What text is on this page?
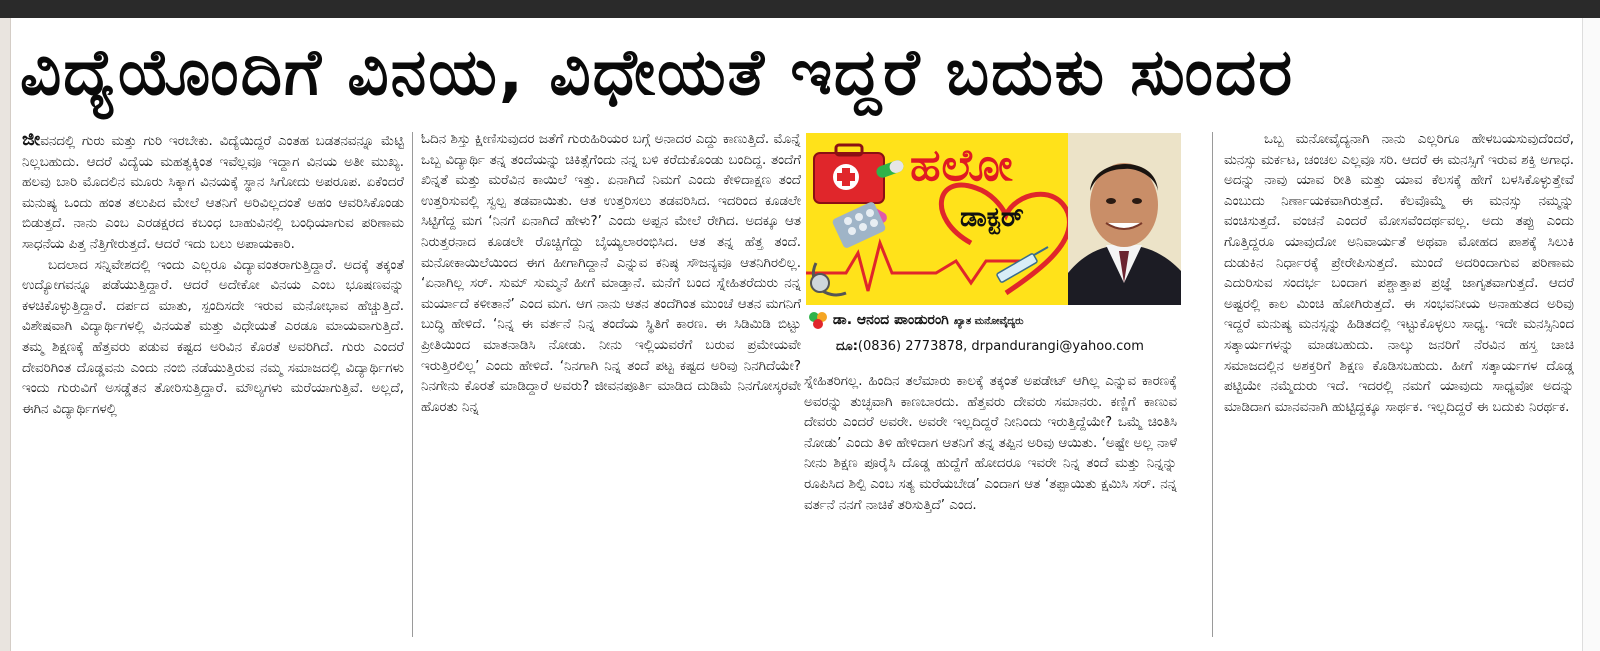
ವಿದ್ಯೆಯೊಂದಿಗೆ ವಿನಯ, ವಿಧೇಯತೆ ಇದ್ದರೆ ಬದುಕು ಸುಂದರ

ಜೀವನದಲ್ಲಿ ಗುರು ಮತ್ತು ಗುರಿ ಇರಬೇಕು. ವಿದ್ಯೆಯಿದ್ದರೆ ಎಂತಹ ಬಡತನವನ್ನೂ ಮೆಟ್ಟಿ ನಿಲ್ಲಬಹುದು. ಆದರೆ ವಿದ್ಯೆಯ ಮಹತ್ವಕ್ಕಿಂತ ಇವೆಲ್ಲವೂ ಇದ್ದಾಗ ವಿನಯ ಅತೀ ಮುಖ್ಯ. ಹಲವು ಬಾರಿ ಮೊದಲಿನ ಮೂರು ಸಿಕ್ಕಾಗ ವಿನಯಕ್ಕೆ ಸ್ಥಾನ ಸಿಗೋದು ಅಪರೂಪ. ಏಕೆಂದರೆ ಮನುಷ್ಯ ಒಂದು ಹಂತ ತಲುಪಿದ ಮೇಲೆ ಆತನಿಗೆ ಅರಿವಿಲ್ಲದಂತೆ ಅಹಂ ಆವರಿಸಿಕೊಂಡು ಬಿಡುತ್ತದೆ. ನಾನು ಎಂಬ ಎರಡಕ್ಷರದ ಕಬಂಧ ಬಾಹುವಿನಲ್ಲಿ ಬಂಧಿಯಾಗುವ ಪರಿಣಾಮ ಸಾಧನೆಯ ಪಿತ್ತ ನೆತ್ತಿಗೇರುತ್ತದೆ. ಆದರೆ ಇದು ಬಲು ಅಪಾಯಕಾರಿ.

ಬದಲಾದ ಸನ್ನಿವೇಶದಲ್ಲಿ ಇಂದು ಎಲ್ಲರೂ ವಿದ್ಯಾವಂತರಾಗುತ್ತಿದ್ದಾರೆ. ಅದಕ್ಕೆ ತಕ್ಕಂತೆ ಉದ್ಯೋಗವನ್ನೂ ಪಡೆಯುತ್ತಿದ್ದಾರೆ. ಆದರೆ ಅದೇಕೋ ವಿನಯ ಎಂಬ ಭೂಷಣವನ್ನು ಕಳಚಿಕೊಳ್ಳುತ್ತಿದ್ದಾರೆ. ದರ್ಪದ ಮಾತು, ಸ್ಪಂದಿಸದೇ ಇರುವ ಮನೋಭಾವ ಹೆಚ್ಚುತ್ತಿದೆ. ವಿಶೇಷವಾಗಿ ವಿದ್ಯಾರ್ಥಿಗಳಲ್ಲಿ ವಿನಯತೆ ಮತ್ತು ವಿಧೇಯತೆ ಎರಡೂ ಮಾಯವಾಗುತ್ತಿದೆ. ತಮ್ಮ ಶಿಕ್ಷಣಕ್ಕೆ ಹೆತ್ತವರು ಪಡುವ ಕಷ್ಟದ ಅರಿವಿನ ಕೊರತೆ ಅವರಿಗಿದೆ. ಗುರು ಎಂದರೆ ದೇವರಿಗಿಂತ ದೊಡ್ಡವನು ಎಂದು ನಂಬಿ ನಡೆಯುತ್ತಿರುವ ನಮ್ಮ ಸಮಾಜದಲ್ಲಿ ವಿದ್ಯಾರ್ಥಿಗಳು ಇಂದು ಗುರುವಿಗೆ ಅಸಡ್ಡೆತನ ತೋರಿಸುತ್ತಿದ್ದಾರೆ. ಮೌಲ್ಯಗಳು ಮರೆಯಾಗುತ್ತಿವೆ. ಅಲ್ಲದೆ, ಈಗಿನ ವಿದ್ಯಾರ್ಥಿಗಳಲ್ಲಿ

ಓದಿನ ಶಿಸ್ತು ಕ್ಷೀಣಿಸುವುದರ ಜತೆಗೆ ಗುರುಹಿರಿಯರ ಬಗ್ಗೆ ಅನಾದರ ಎದ್ದು ಕಾಣುತ್ತಿದೆ. ಮೊನ್ನೆ ಒಬ್ಬ ವಿದ್ಯಾರ್ಥಿ ತನ್ನ ತಂದೆಯನ್ನು ಚಿಕಿತ್ಸೆಗೆಂದು ನನ್ನ ಬಳಿ ಕರೆದುಕೊಂಡು ಬಂದಿದ್ದ. ತಂದೆಗೆ ಖಿನ್ನತೆ ಮತ್ತು ಮರೆವಿನ ಕಾಯಿಲೆ ಇತ್ತು. ಏನಾಗಿದೆ ನಿಮಗೆ ಎಂದು ಕೇಳಿದಾಕ್ಷಣ ತಂದೆ ಉತ್ತರಿಸುವಲ್ಲಿ ಸ್ವಲ್ಪ ತಡವಾಯಿತು. ಆತ ಉತ್ತರಿಸಲು ತಡವರಿಸಿದ. ಇದರಿಂದ ಕೂಡಲೇ ಸಿಟ್ಟಿಗೆದ್ದ ಮಗ ‘ನಿನಗೆ ಏನಾಗಿದೆ ಹೇಳು?’ ಎಂದು ಅಪ್ಪನ ಮೇಲೆ ರೇಗಿದ. ಅದಕ್ಕೂ ಆತ ನಿರುತ್ತರನಾದ ಕೂಡಲೇ ರೊಚ್ಚಿಗೆದ್ದು ಬೈಯ್ಯಲಾರಂಭಿಸಿದ. ಆತ ತನ್ನ ಹೆತ್ತ ತಂದೆ. ಮನೋಕಾಯಿಲೆಯಿಂದ ಈಗ ಹೀಗಾಗಿದ್ದಾನೆ ಎನ್ನುವ ಕನಿಷ್ಠ ಸೌಜನ್ಯವೂ ಆತನಿಗಿರಲಿಲ್ಲ. ‘ಏನಾಗಿಲ್ಲ ಸರ್. ಸುಮ್ ಸುಮ್ಮನೆ ಹೀಗೆ ಮಾಡ್ತಾನೆ. ಮನೆಗೆ ಬಂದ ಸ್ನೇಹಿತರೆದುರು ನನ್ನ ಮರ್ಯಾದೆ ಕಳೀತಾನೆ’ ಎಂದ ಮಗ. ಆಗ ನಾನು ಆತನ ತಂದೆಗಿಂತ ಮುಂಚೆ ಆತನ ಮಗನಿಗೆ ಬುದ್ಧಿ ಹೇಳಿದೆ. ‘ನಿನ್ನ ಈ ವರ್ತನೆ ನಿನ್ನ ತಂದೆಯ ಸ್ಥಿತಿಗೆ ಕಾರಣ. ಈ ಸಿಡಿಮಿಡಿ ಬಿಟ್ಟು ಪ್ರೀತಿಯಿಂದ ಮಾತನಾಡಿಸಿ ನೋಡು. ನೀನು ಇಲ್ಲಿಯವರೆಗೆ ಬರುವ ಪ್ರಮೇಯವೇ ಇರುತ್ತಿರಲಿಲ್ಲ’ ಎಂದು ಹೇಳಿದೆ. ‘ನಿನಗಾಗಿ ನಿನ್ನ ತಂದೆ ಪಟ್ಟ ಕಷ್ಟದ ಅರಿವು ನಿನಗಿದೆಯೇ? ನಿನಗೇನು ಕೊರತೆ ಮಾಡಿದ್ದಾರೆ ಅವರು? ಜೀವನಪೂರ್ತಿ ಮಾಡಿದ ದುಡಿಮೆ ನಿನಗೋಸ್ಕರವೇ ಹೊರತು ನಿನ್ನ

ಹಲೋ
ಡಾಕ್ಟರ್
ಡಾ. ಆನಂದ ಪಾಂಡುರಂಗಿ ಖ್ಯಾತ ಮನೋವೈದ್ಯರು
ದೂ:(0836) 2773878, drpandurangi@yahoo.com

ಸ್ನೇಹಿತರಿಗಲ್ಲ. ಹಿಂದಿನ ತಲೆಮಾರು ಕಾಲಕ್ಕೆ ತಕ್ಕಂತೆ ಅಪಡೇಟ್ ಆಗಿಲ್ಲ ಎನ್ನುವ ಕಾರಣಕ್ಕೆ ಅವರನ್ನು ತುಚ್ಛವಾಗಿ ಕಾಣಬಾರದು. ಹೆತ್ತವರು ದೇವರು ಸಮಾನರು. ಕಣ್ಣಿಗೆ ಕಾಣುವ ದೇವರು ಎಂದರೆ ಅವರೇ. ಅವರೇ ಇಲ್ಲದಿದ್ದರೆ ನೀನಿಂದು ಇರುತ್ತಿದ್ದೆಯೇ? ಒಮ್ಮೆ ಚಿಂತಿಸಿ ನೋಡು’ ಎಂದು ತಿಳಿ ಹೇಳಿದಾಗ ಆತನಿಗೆ ತನ್ನ ತಪ್ಪಿನ ಅರಿವು ಆಯಿತು. ‘ಅಷ್ಟೇ ಅಲ್ಲ ನಾಳೆ ನೀನು ಶಿಕ್ಷಣ ಪೂರೈಸಿ ದೊಡ್ಡ ಹುದ್ದೆಗೆ ಹೋದರೂ ಇವರೇ ನಿನ್ನ ತಂದೆ ಮತ್ತು ನಿನ್ನನ್ನು ರೂಪಿಸಿದ ಶಿಲ್ಪಿ ಎಂಬ ಸತ್ಯ ಮರೆಯಬೇಡ’ ಎಂದಾಗ ಆತ ‘ತಪ್ಪಾಯಿತು ಕ್ಷಮಿಸಿ ಸರ್. ನನ್ನ ವರ್ತನೆ ನನಗೆ ನಾಚಿಕೆ ತರಿಸುತ್ತಿದೆ’ ಎಂದ.

ಒಬ್ಬ ಮನೋವೈದ್ಯನಾಗಿ ನಾನು ಎಲ್ಲರಿಗೂ ಹೇಳಬಯಸುವುದೆಂದರೆ, ಮನಸ್ಸು ಮರ್ಕಟ, ಚಂಚಲ ಎಲ್ಲವೂ ಸರಿ. ಆದರೆ ಈ ಮನಸ್ಸಿಗೆ ಇರುವ ಶಕ್ತಿ ಅಗಾಧ. ಅದನ್ನು ನಾವು ಯಾವ ರೀತಿ ಮತ್ತು ಯಾವ ಕೆಲಸಕ್ಕೆ ಹೇಗೆ ಬಳಸಿಕೊಳ್ಳುತ್ತೇವೆ ಎಂಬುದು ನಿರ್ಣಾಯಕವಾಗಿರುತ್ತದೆ. ಕೆಲವೊಮ್ಮೆ ಈ ಮನಸ್ಸು ನಮ್ಮನ್ನು ವಂಚಿಸುತ್ತದೆ. ವಂಚನೆ ಎಂದರೆ ಮೋಸವೆಂದರ್ಥವಲ್ಲ. ಅದು ತಪ್ಪು ಎಂದು ಗೊತ್ತಿದ್ದರೂ ಯಾವುದೋ ಅನಿವಾರ್ಯತೆ ಅಥವಾ ಮೋಹದ ಪಾಶಕ್ಕೆ ಸಿಲುಕಿ ದುಡುಕಿನ ನಿರ್ಧಾರಕ್ಕೆ ಪ್ರೇರೇಪಿಸುತ್ತದೆ. ಮುಂದೆ ಅದರಿಂದಾಗುವ ಪರಿಣಾಮ ಎದುರಿಸುವ ಸಂದರ್ಭ ಬಂದಾಗ ಪಶ್ಚಾತ್ತಾಪ ಪ್ರಜ್ಞೆ ಜಾಗೃತವಾಗುತ್ತದೆ. ಆದರೆ ಅಷ್ಟರಲ್ಲಿ ಕಾಲ ಮಿಂಚಿ ಹೋಗಿರುತ್ತದೆ. ಈ ಸಂಭವನೀಯ ಅನಾಹುತದ ಅರಿವು ಇದ್ದರೆ ಮನುಷ್ಯ ಮನಸ್ಸನ್ನು ಹಿಡಿತದಲ್ಲಿ ಇಟ್ಟುಕೊಳ್ಳಲು ಸಾಧ್ಯ. ಇದೇ ಮನಸ್ಸಿನಿಂದ ಸತ್ಕಾರ್ಯಗಳನ್ನು ಮಾಡಬಹುದು. ನಾಲ್ಕು ಜನರಿಗೆ ನೆರವಿನ ಹಸ್ತ ಚಾಚಿ ಸಮಾಜದಲ್ಲಿನ ಅಶಕ್ತರಿಗೆ ಶಿಕ್ಷಣ ಕೊಡಿಸಬಹುದು. ಹೀಗೆ ಸತ್ಕಾರ್ಯಗಳ ದೊಡ್ಡ ಪಟ್ಟಿಯೇ ನಮ್ಮೆದುರು ಇದೆ. ಇದರಲ್ಲಿ ನಮಗೆ ಯಾವುದು ಸಾಧ್ಯವೋ ಅದನ್ನು ಮಾಡಿದಾಗ ಮಾನವನಾಗಿ ಹುಟ್ಟಿದ್ದಕ್ಕೂ ಸಾರ್ಥಕ. ಇಲ್ಲದಿದ್ದರೆ ಈ ಬದುಕು ನಿರರ್ಥಕ.
